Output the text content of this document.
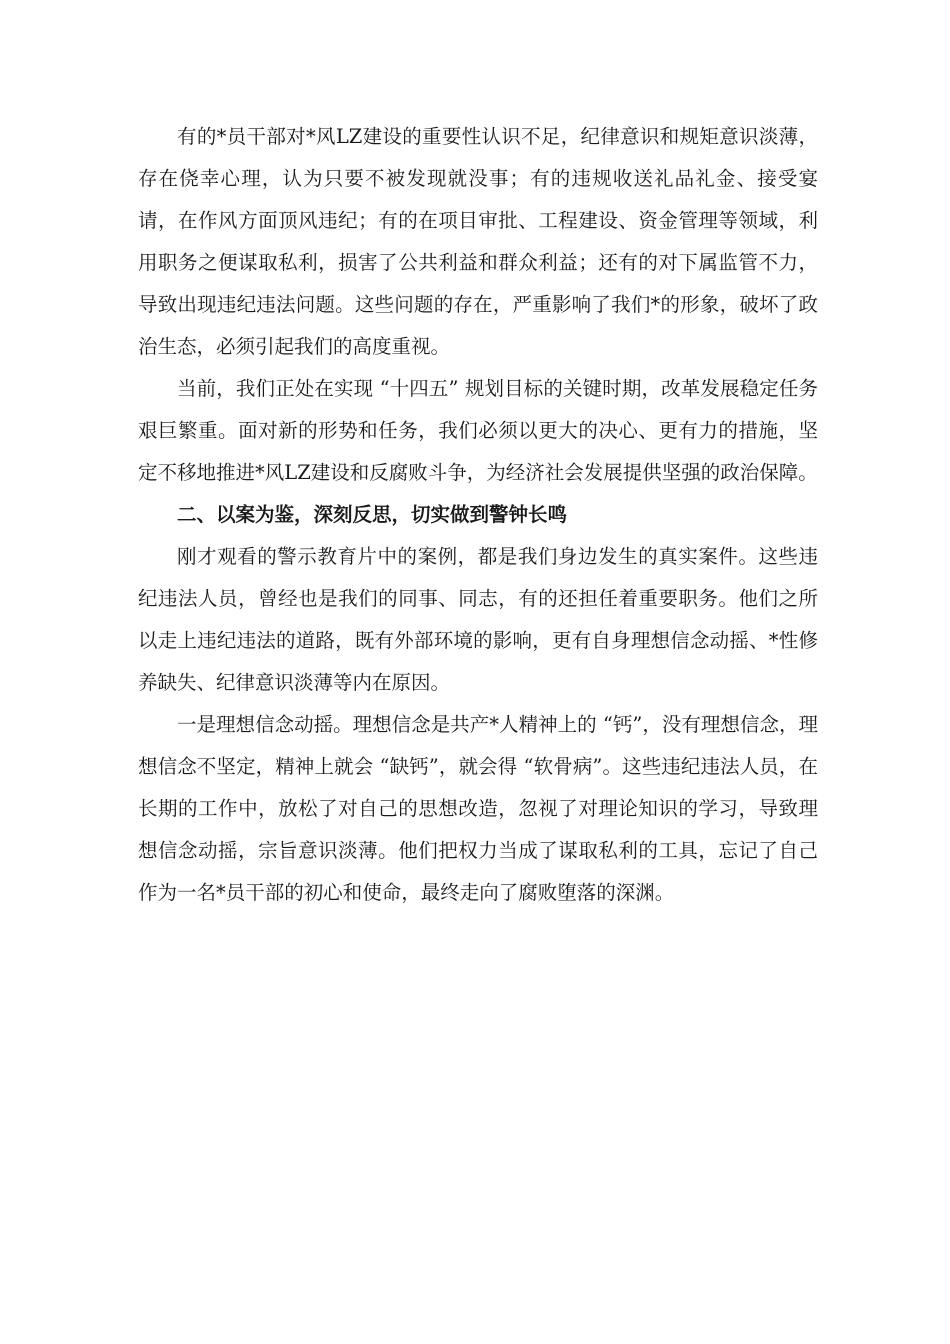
有的*员干部对*风LZ建设的重要性认识不足，纪律意识和规矩意识淡薄，存在侥幸心理，认为只要不被发现就没事；有的违规收送礼品礼金、接受宴请，在作风方面顶风违纪；有的在项目审批、工程建设、资金管理等领域，利用职务之便谋取私利，损害了公共利益和群众利益；还有的对下属监管不力，导致出现违纪违法问题。这些问题的存在，严重影响了我们*的形象，破坏了政治生态，必须引起我们的高度重视。

当前，我们正处在实现 “十四五” 规划目标的关键时期，改革发展稳定任务艰巨繁重。面对新的形势和任务，我们必须以更大的决心、更有力的措施，坚定不移地推进*风LZ建设和反腐败斗争，为经济社会发展提供坚强的政治保障。

二、以案为鉴，深刻反思，切实做到警钟长鸣

刚才观看的警示教育片中的案例，都是我们身边发生的真实案件。这些违纪违法人员，曾经也是我们的同事、同志，有的还担任着重要职务。他们之所以走上违纪违法的道路，既有外部环境的影响，更有自身理想信念动摇、*性修养缺失、纪律意识淡薄等内在原因。

一是理想信念动摇。理想信念是共产*人精神上的 “钙”，没有理想信念，理想信念不坚定，精神上就会 “缺钙”，就会得 “软骨病”。这些违纪违法人员，在长期的工作中，放松了对自己的思想改造，忽视了对理论知识的学习，导致理想信念动摇，宗旨意识淡薄。他们把权力当成了谋取私利的工具，忘记了自己作为一名*员干部的初心和使命，最终走向了腐败堕落的深渊。
